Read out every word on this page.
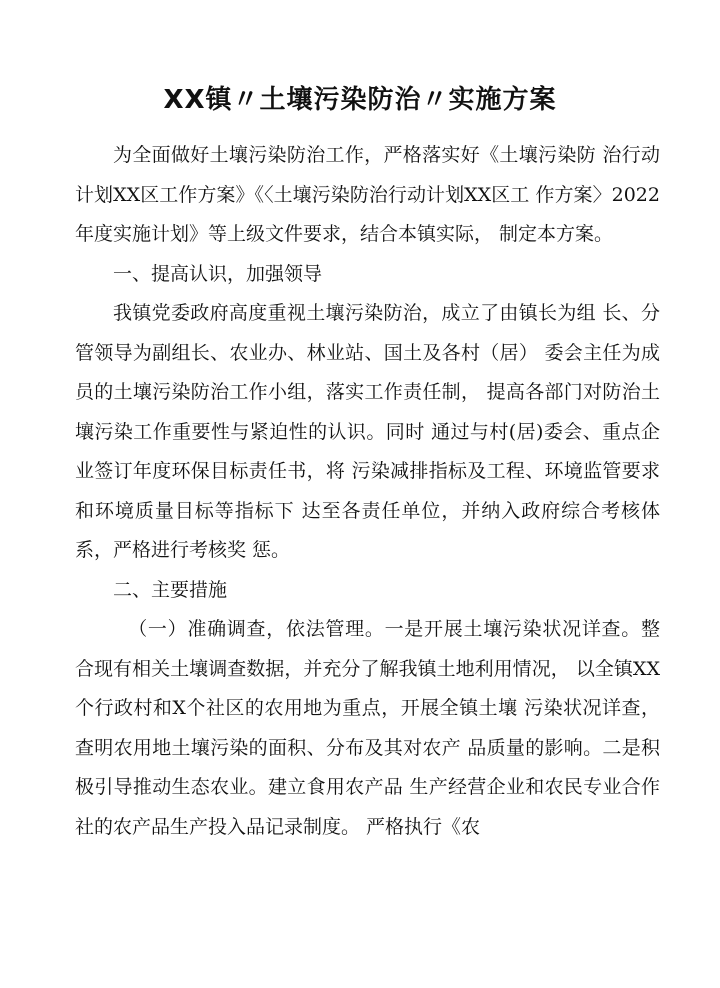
XX镇〃土壤污染防治〃实施方案

为全面做好土壤污染防治工作，严格落实好《土壤污染防 治行动计划XX区工作方案》《〈土壤污染防治行动计划XX区工 作方案〉2022年度实施计划》等上级文件要求，结合本镇实际， 制定本方案。

一、提高认识，加强领导

我镇党委政府高度重视土壤污染防治，成立了由镇长为组 长、分管领导为副组长、农业办、林业站、国土及各村（居） 委会主任为成员的土壤污染防治工作小组，落实工作责任制， 提高各部门对防治土壤污染工作重要性与紧迫性的认识。同时 通过与村(居)委会、重点企业签订年度环保目标责任书，将 污染减排指标及工程、环境监管要求和环境质量目标等指标下 达至各责任单位，并纳入政府综合考核体系，严格进行考核奖 惩。

二、主要措施

（一）准确调查，依法管理。一是开展土壤污染状况详查。整合现有相关土壤调查数据，并充分了解我镇土地利用情况， 以全镇XX个行政村和X个社区的农用地为重点，开展全镇土壤 污染状况详查，查明农用地土壤污染的面积、分布及其对农产 品质量的影响。二是积极引导推动生态农业。建立食用农产品 生产经营企业和农民专业合作社的农产品生产投入品记录制度。 严格执行《农
